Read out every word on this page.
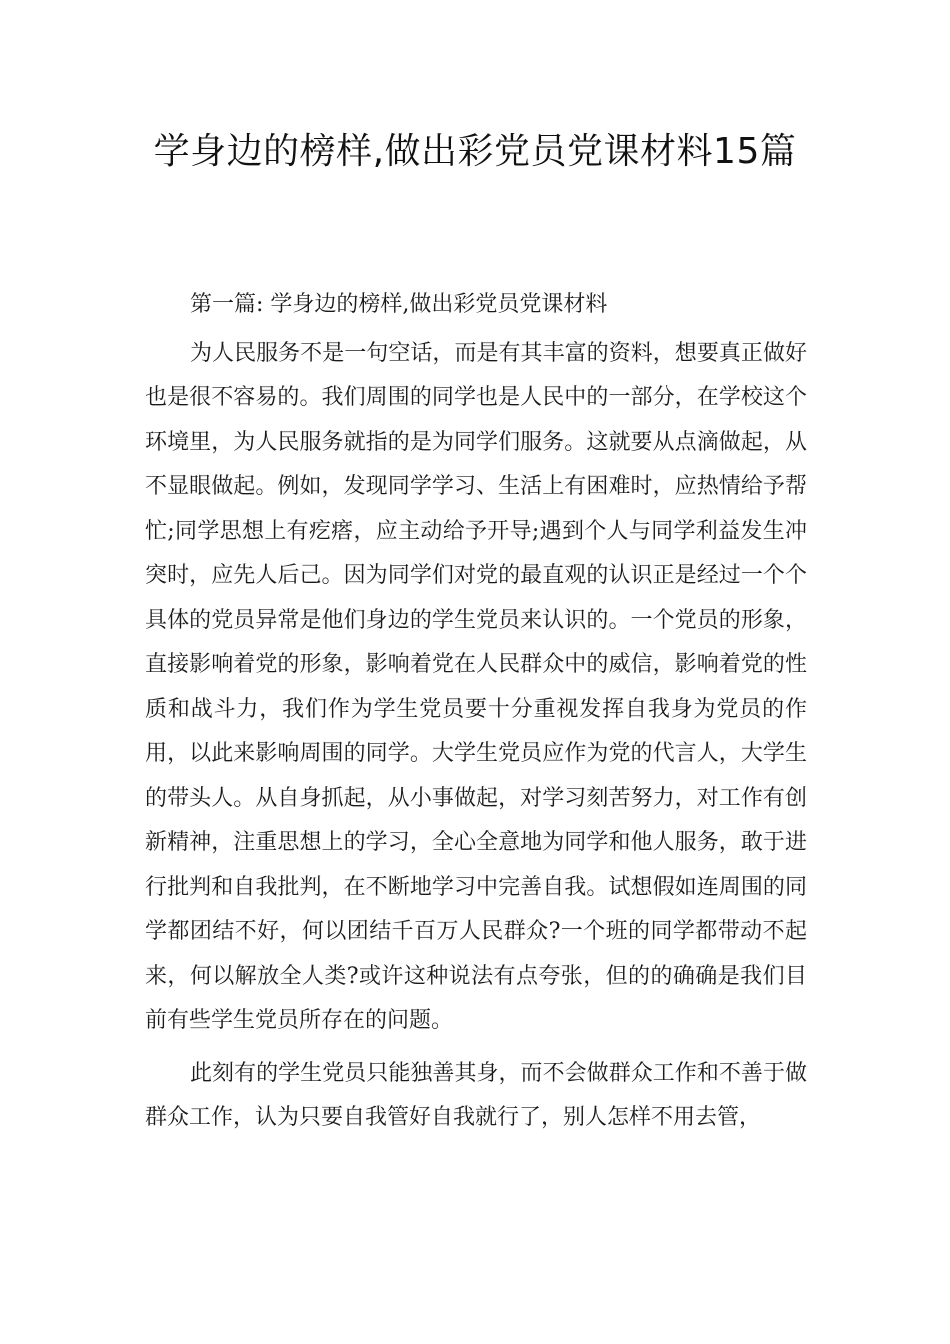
学身边的榜样,做出彩党员党课材料15篇

第一篇: 学身边的榜样,做出彩党员党课材料

为人民服务不是一句空话，而是有其丰富的资料，想要真正做好也是很不容易的。我们周围的同学也是人民中的一部分，在学校这个环境里，为人民服务就指的是为同学们服务。这就要从点滴做起，从不显眼做起。例如，发现同学学习、生活上有困难时，应热情给予帮忙;同学思想上有疙瘩，应主动给予开导;遇到个人与同学利益发生冲突时，应先人后己。因为同学们对党的最直观的认识正是经过一个个具体的党员异常是他们身边的学生党员来认识的。一个党员的形象，直接影响着党的形象，影响着党在人民群众中的威信，影响着党的性质和战斗力，我们作为学生党员要十分重视发挥自我身为党员的作用，以此来影响周围的同学。大学生党员应作为党的代言人，大学生的带头人。从自身抓起，从小事做起，对学习刻苦努力，对工作有创新精神，注重思想上的学习，全心全意地为同学和他人服务，敢于进行批判和自我批判，在不断地学习中完善自我。试想假如连周围的同学都团结不好，何以团结千百万人民群众?一个班的同学都带动不起来，何以解放全人类?或许这种说法有点夸张，但的的确确是我们目前有些学生党员所存在的问题。

此刻有的学生党员只能独善其身，而不会做群众工作和不善于做群众工作，认为只要自我管好自我就行了，别人怎样不用去管，
